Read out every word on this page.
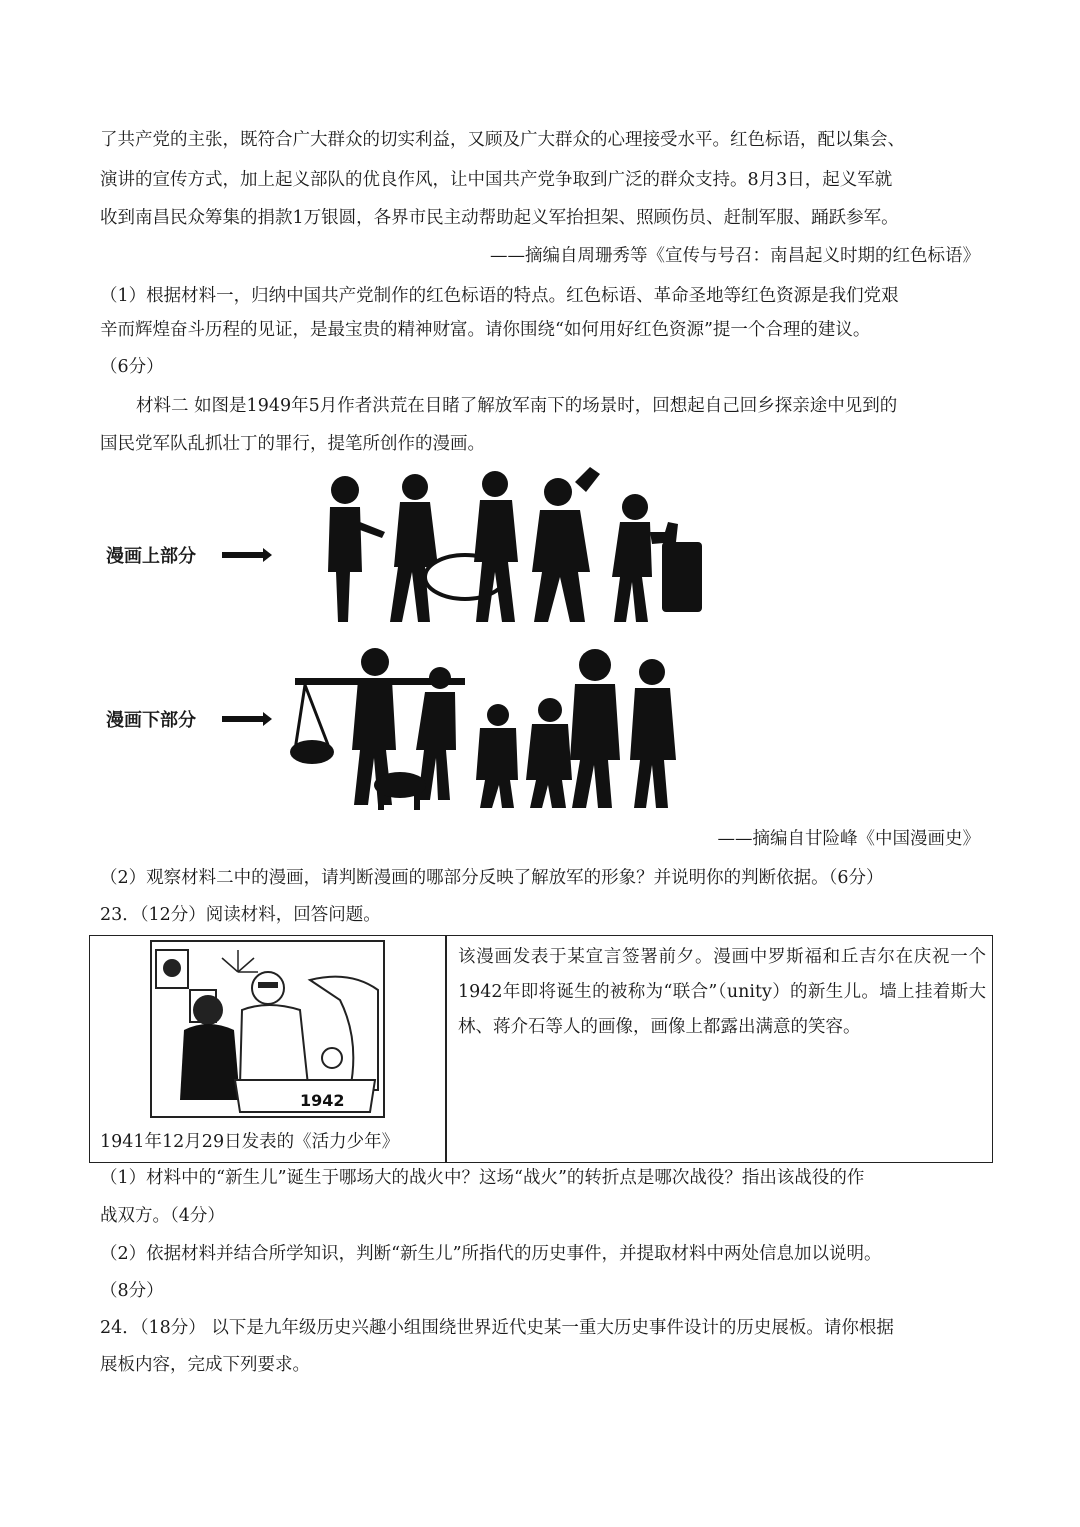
了共产党的主张，既符合广大群众的切实利益，又顾及广大群众的心理接受水平。红色标语，配以集会、
演讲的宣传方式，加上起义部队的优良作风，让中国共产党争取到广泛的群众支持。8月3日，起义军就
收到南昌民众筹集的捐款1万银圆，各界市民主动帮助起义军抬担架、照顾伤员、赶制军服、踊跃参军。
——摘编自周珊秀等《宣传与号召：南昌起义时期的红色标语》
（1）根据材料一，归纳中国共产党制作的红色标语的特点。红色标语、革命圣地等红色资源是我们党艰
辛而辉煌奋斗历程的见证，是最宝贵的精神财富。请你围绕“如何用好红色资源”提一个合理的建议。
（6分）
材料二 如图是1949年5月作者洪荒在目睹了解放军南下的场景时，回想起自己回乡探亲途中见到的
国民党军队乱抓壮丁的罪行，提笔所创作的漫画。
漫画上部分
漫画下部分
——摘编自甘险峰《中国漫画史》
（2）观察材料二中的漫画，请判断漫画的哪部分反映了解放军的形象？并说明你的判断依据。（6分）
23．（12分）阅读材料，回答问题。
1942
1941年12月29日发表的《活力少年》
该漫画发表于某宣言签署前夕。漫画中罗斯福和丘吉尔在庆祝一个1942年即将诞生的被称为“联合”（unity）的新生儿。墙上挂着斯大林、蒋介石等人的画像，画像上都露出满意的笑容。
（1）材料中的“新生儿”诞生于哪场大的战火中？这场“战火”的转折点是哪次战役？指出该战役的作
战双方。（4分）
（2）依据材料并结合所学知识，判断“新生儿”所指代的历史事件，并提取材料中两处信息加以说明。
（8分）
24．（18分） 以下是九年级历史兴趣小组围绕世界近代史某一重大历史事件设计的历史展板。请你根据
展板内容，完成下列要求。
